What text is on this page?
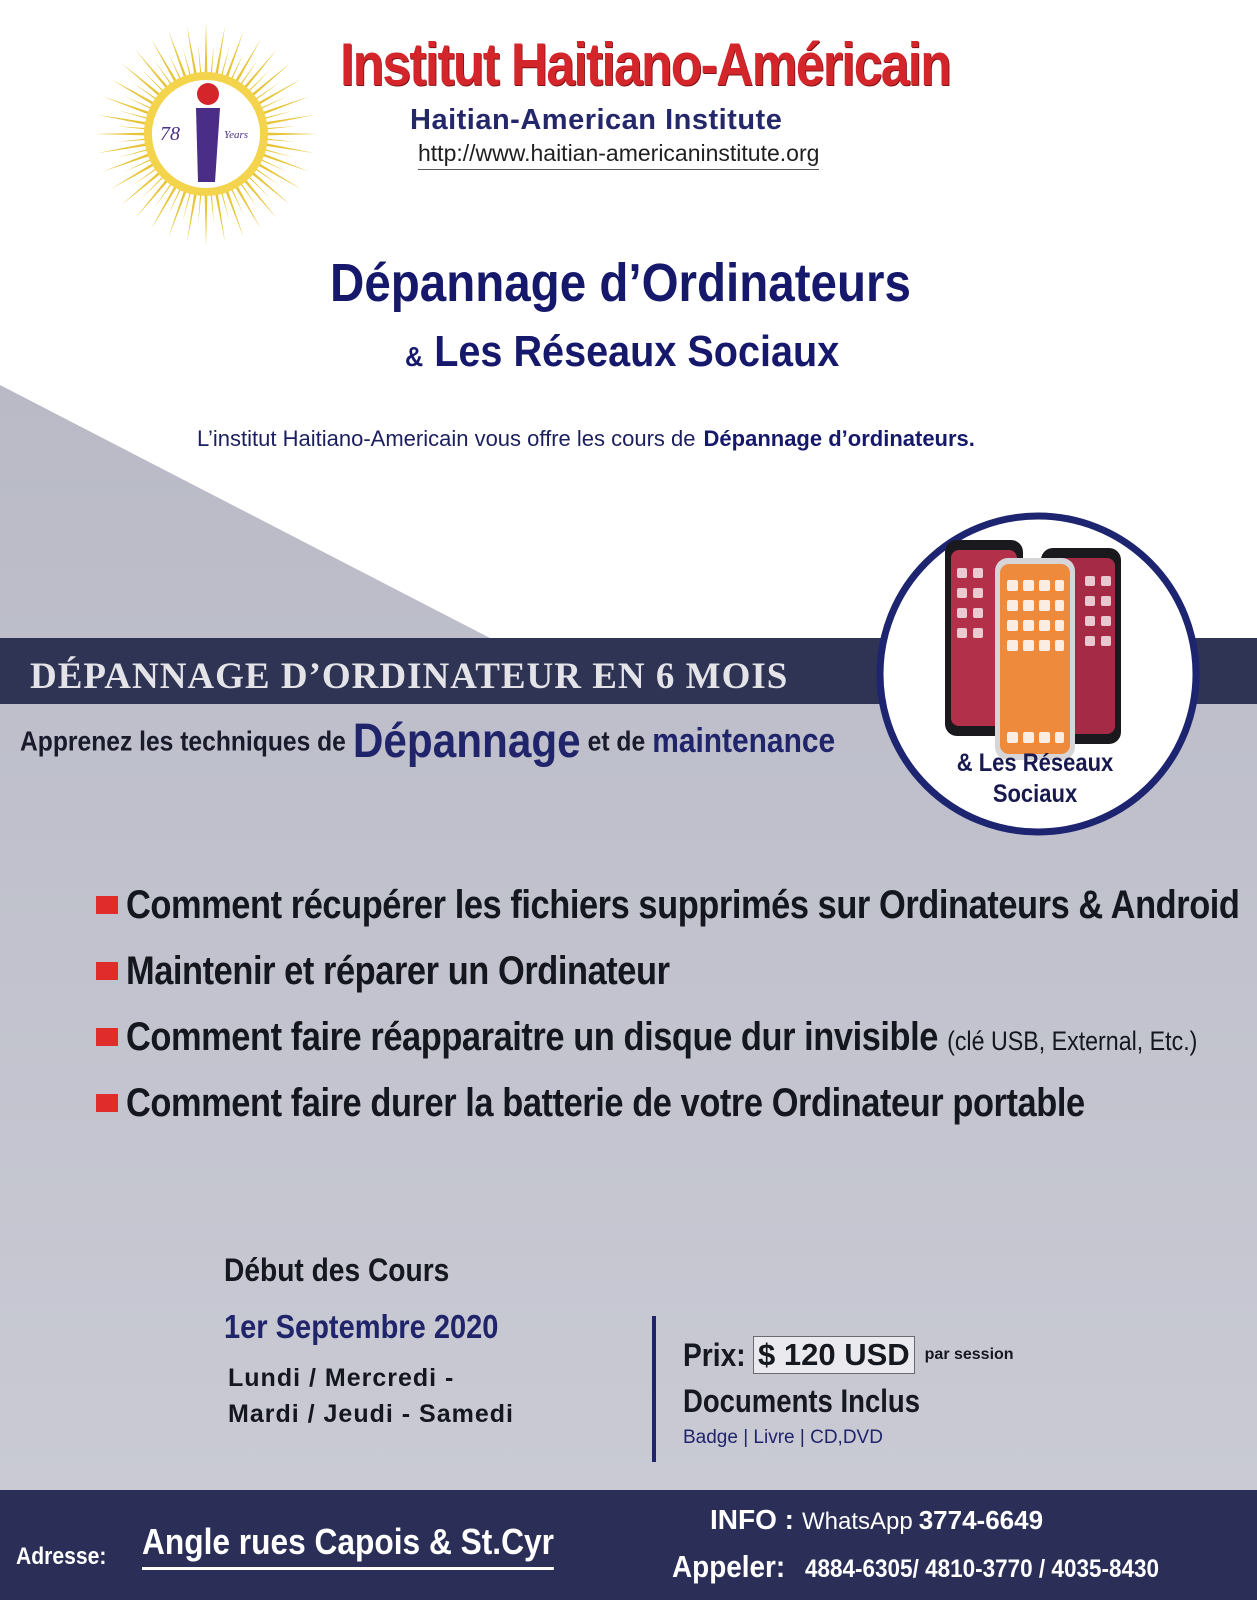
78	Years
Institut Haitiano-Américain
Haitian-American Institute
http://www.haitian-americaninstitute.org
Dépannage d’Ordinateurs
& Les Réseaux Sociaux
L’institut Haitiano-Americain vous offre les cours de Dépannage d’ordinateurs.
DÉPANNAGE D’ORDINATEUR EN 6 MOIS
Apprenez les techniques de Dépannage et de maintenance
& Les Réseaux
Sociaux
Comment récupérer les fichiers supprimés sur Ordinateurs & Android
Maintenir et réparer un Ordinateur
Comment faire réapparaitre un disque dur invisible (clé USB, External, Etc.)
Comment faire durer la batterie de votre Ordinateur portable
Début des Cours
1er Septembre 2020
Lundi / Mercredi -
Mardi / Jeudi - Samedi
Prix: $ 120 USD par session
Documents Inclus
Badge | Livre | CD,DVD
Adresse: Angle rues Capois & St.Cyr
INFO : WhatsApp 3774-6649
Appeler: 4884-6305/ 4810-3770 / 4035-8430
